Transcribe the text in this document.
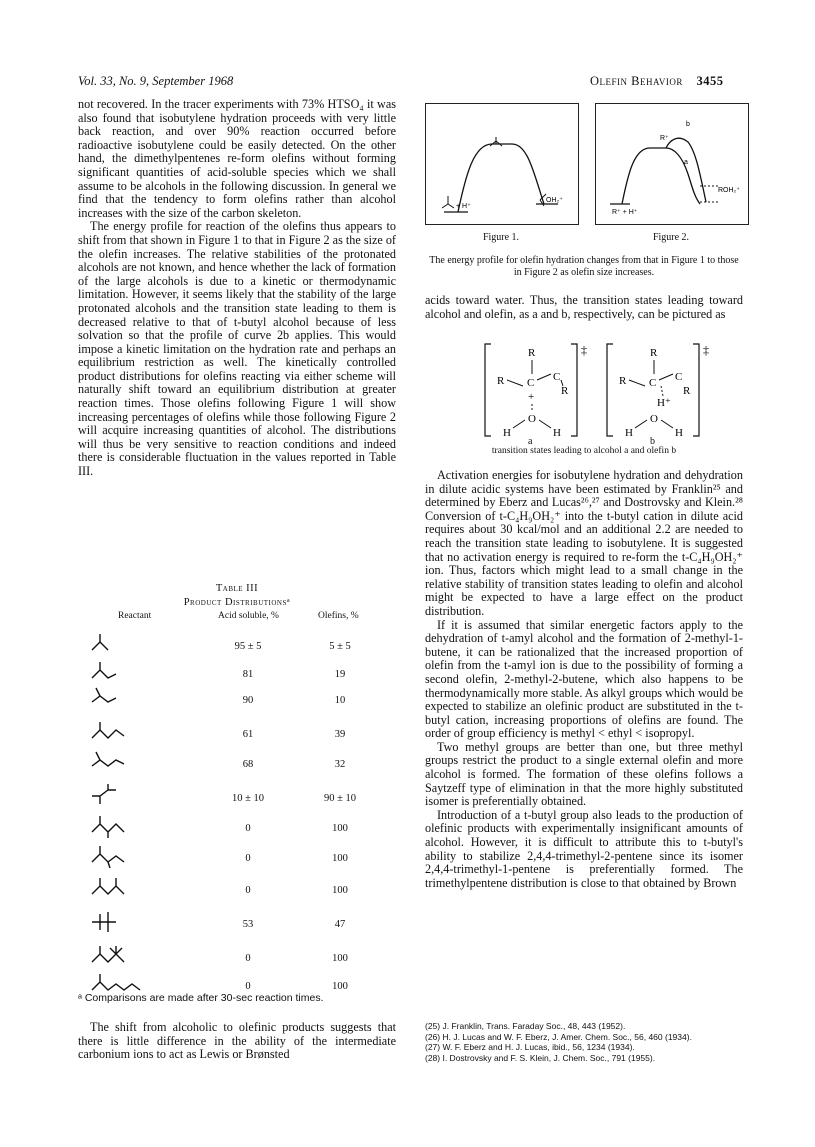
Vol. 33, No. 9, September 1968	Olefin Behavior 3455

not recovered. In the tracer experiments with 73% HTSO₄ it was also found that isobutylene hydration proceeds with very little back reaction, and over 90% reaction occurred before radioactive isobutylene could be easily detected. On the other hand, the dimethylpentenes re-form olefins without forming significant quantities of acid-soluble species which we shall assume to be alcohols in the following discussion. In general we find that the tendency to form olefins rather than alcohol increases with the size of the carbon skeleton.

The energy profile for reaction of the olefins thus appears to shift from that shown in Figure 1 to that in Figure 2 as the size of the olefin increases. The relative stabilities of the protonated alcohols are not known, and hence whether the lack of formation of the large alcohols is due to a kinetic or thermodynamic limitation. However, it seems likely that the stability of the large protonated alcohols and the transition state leading to them is decreased relative to that of t-butyl alcohol because of less solvation so that the profile of curve 2b applies. This would impose a kinetic limitation on the hydration rate and perhaps an equilibrium restriction as well. The kinetically controlled product distributions for olefins reacting via either scheme will naturally shift toward an equilibrium distribution at greater reaction times. Those olefins following Figure 1 will show increasing percentages of olefins while those following Figure 2 will acquire increasing quantities of alcohol. The distributions will thus be very sensitive to reaction conditions and indeed there is considerable fluctuation in the values reported in Table III.

+ H⁺
OH₂⁺
Figure 1.
R⁺
b
a
ROH₂⁺
R⁺ + H⁺
Figure 2.
The energy profile for olefin hydration changes from that in Figure 1 to those in Figure 2 as olefin size increases.
acids toward water. Thus, the transition states leading toward alcohol and olefin, as a and b, respectively, can be pictured as
‡
R
R C C
R
+
O
H	H
‡
R
R C C
R
H⁺
O
H	H
a	b
transition states leading to alcohol a and olefin b

Activation energies for isobutylene hydration and dehydration in dilute acidic systems have been estimated by Franklin²⁵ and determined by Eberz and Lucas²⁶,²⁷ and Dostrovsky and Klein.²⁸ Conversion of t-C₄H₉OH₂⁺ into the t-butyl cation in dilute acid requires about 30 kcal/mol and an additional 2.2 are needed to reach the transition state leading to isobutylene. It is suggested that no activation energy is required to re-form the t-C₄H₉OH₂⁺ ion. Thus, factors which might lead to a small change in the relative stability of transition states leading to olefin and alcohol might be expected to have a large effect on the product distribution.

If it is assumed that similar energetic factors apply to the dehydration of t-amyl alcohol and the formation of 2-methyl-1-butene, it can be rationalized that the increased proportion of olefin from the t-amyl ion is due to the possibility of forming a second olefin, 2-methyl-2-butene, which also happens to be thermodynamically more stable. As alkyl groups which would be expected to stabilize an olefinic product are substituted in the t-butyl cation, increasing proportions of olefins are found. The order of group efficiency is methyl < ethyl < isopropyl.

Two methyl groups are better than one, but three methyl groups restrict the product to a single external olefin and more alcohol is formed. The formation of these olefins follows a Saytzeff type of elimination in that the more highly substituted isomer is preferentially obtained.

Introduction of a t-butyl group also leads to the production of olefinic products with experimentally insignificant amounts of alcohol. However, it is difficult to attribute this to t-butyl's ability to stabilize 2,4,4-trimethyl-2-pentene since its isomer 2,4,4-trimethyl-1-pentene is preferentially formed. The trimethylpentene distribution is close to that obtained by Brown

Table III
Product Distributionsᵃ
Reactant	Acid soluble, %	Olefins, %
95 ± 5	5 ± 5
81	19
90	10
61	39
68	32
10 ± 10	90 ± 10
0	100
0	100
0	100
53	47
0	100
0	100
ᵃ Comparisons are made after 30-sec reaction times.

The shift from alcoholic to olefinic products suggests that there is little difference in the ability of the intermediate carbonium ions to act as Lewis or Brønsted

(25) J. Franklin, Trans. Faraday Soc., 48, 443 (1952).
(26) H. J. Lucas and W. F. Eberz, J. Amer. Chem. Soc., 56, 460 (1934).
(27) W. F. Eberz and H. J. Lucas, ibid., 56, 1234 (1934).
(28) I. Dostrovsky and F. S. Klein, J. Chem. Soc., 791 (1955).
